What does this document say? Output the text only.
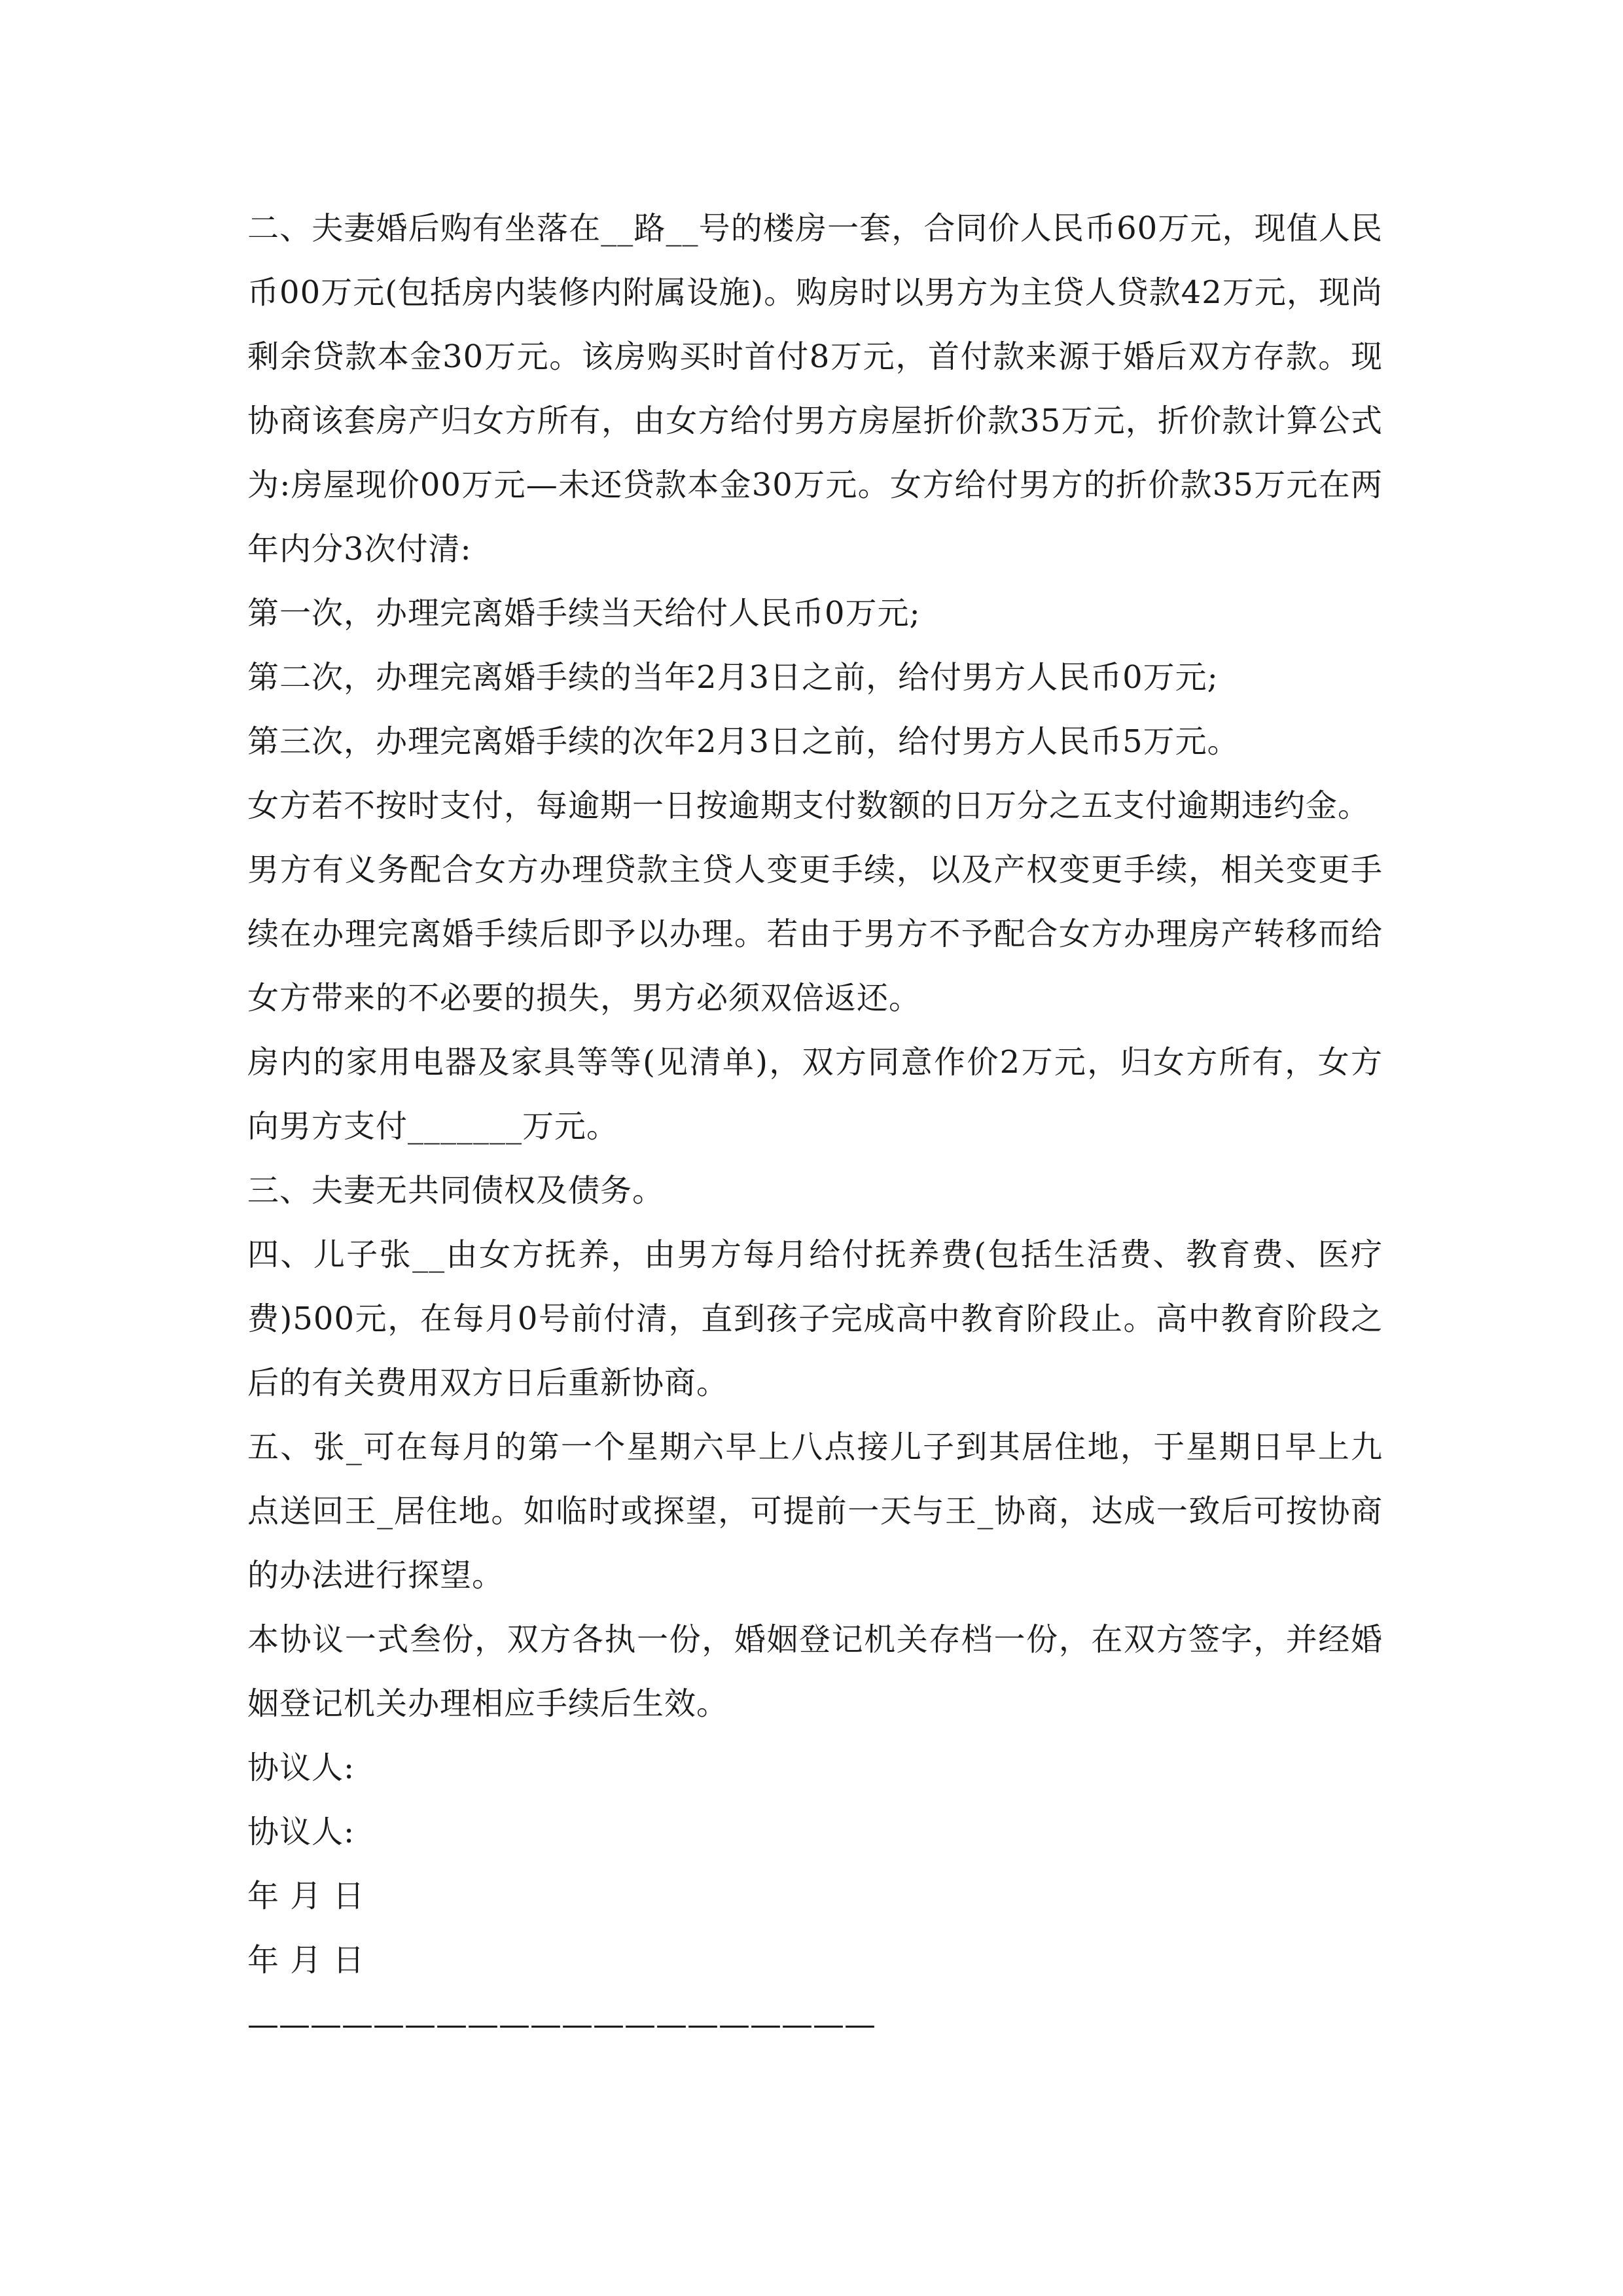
二、夫妻婚后购有坐落在__路__号的楼房一套，合同价人民币60万元，现值人民币00万元(包括房内装修内附属设施)。购房时以男方为主贷人贷款42万元，现尚剩余贷款本金30万元。该房购买时首付8万元，首付款来源于婚后双方存款。现协商该套房产归女方所有，由女方给付男方房屋折价款35万元，折价款计算公式为:房屋现价00万元—未还贷款本金30万元。女方给付男方的折价款35万元在两年内分3次付清:

第一次，办理完离婚手续当天给付人民币0万元;

第二次，办理完离婚手续的当年2月3日之前，给付男方人民币0万元;

第三次，办理完离婚手续的次年2月3日之前，给付男方人民币5万元。

女方若不按时支付，每逾期一日按逾期支付数额的日万分之五支付逾期违约金。

男方有义务配合女方办理贷款主贷人变更手续，以及产权变更手续，相关变更手续在办理完离婚手续后即予以办理。若由于男方不予配合女方办理房产转移而给女方带来的不必要的损失，男方必须双倍返还。

房内的家用电器及家具等等(见清单)，双方同意作价2万元，归女方所有，女方向男方支付_______万元。

三、夫妻无共同债权及债务。

四、儿子张__由女方抚养，由男方每月给付抚养费(包括生活费、教育费、医疗费)500元，在每月0号前付清，直到孩子完成高中教育阶段止。高中教育阶段之后的有关费用双方日后重新协商。

五、张_可在每月的第一个星期六早上八点接儿子到其居住地，于星期日早上九点送回王_居住地。如临时或探望，可提前一天与王_协商，达成一致后可按协商的办法进行探望。

本协议一式叁份，双方各执一份，婚姻登记机关存档一份，在双方签字，并经婚姻登记机关办理相应手续后生效。

协议人:

协议人:

年 月 日

年 月 日

————————————————————
